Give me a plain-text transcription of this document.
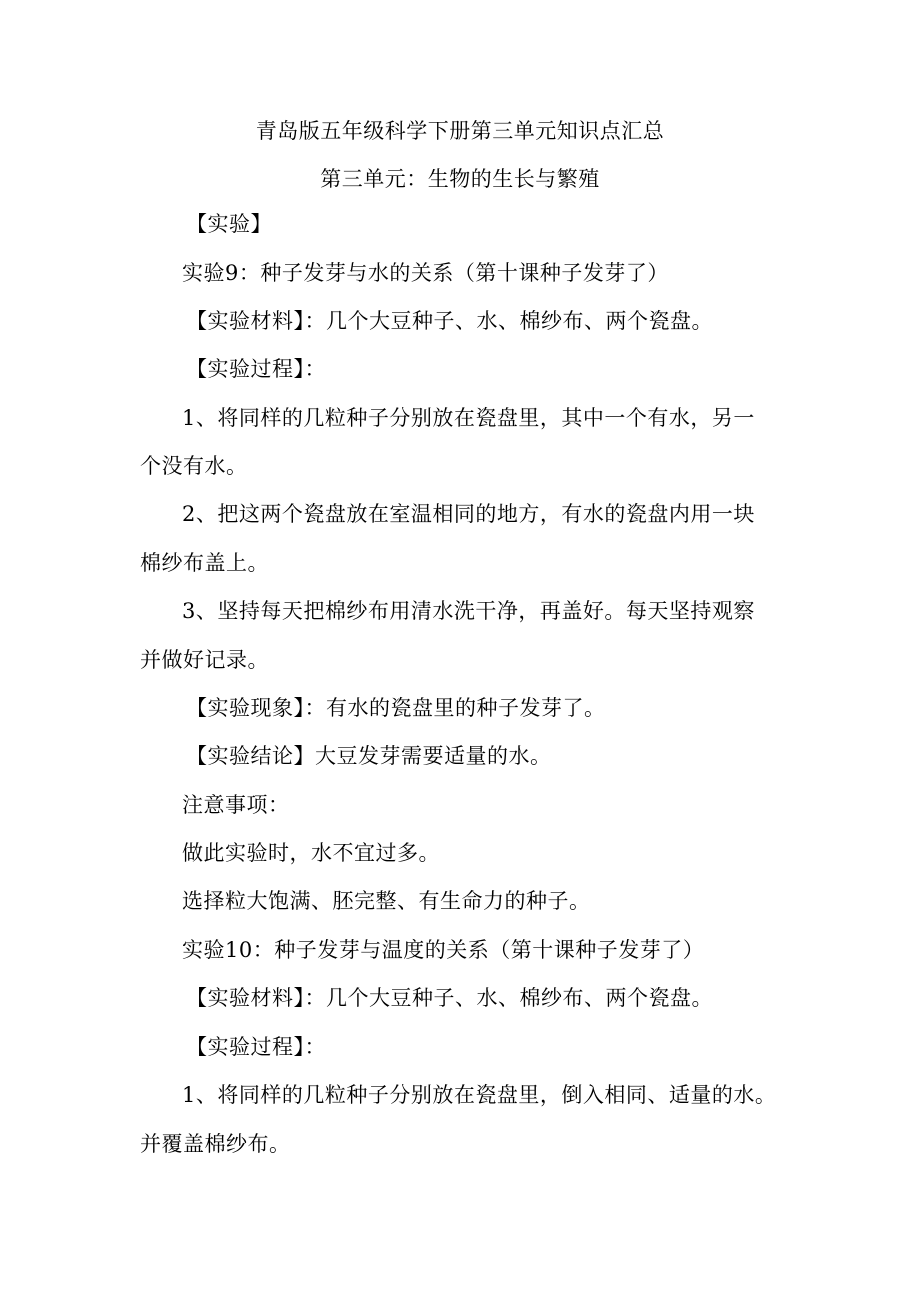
青岛版五年级科学下册第三单元知识点汇总
第三单元：生物的生长与繁殖
【实验】
实验9：种子发芽与水的关系（第十课种子发芽了）
【实验材料】：几个大豆种子、水、棉纱布、两个瓷盘。
【实验过程】：
1、将同样的几粒种子分别放在瓷盘里，其中一个有水，另一
个没有水。
2、把这两个瓷盘放在室温相同的地方，有水的瓷盘内用一块
棉纱布盖上。
3、坚持每天把棉纱布用清水洗干净，再盖好。每天坚持观察
并做好记录。
【实验现象】：有水的瓷盘里的种子发芽了。
【实验结论】大豆发芽需要适量的水。
注意事项：
做此实验时，水不宜过多。
选择粒大饱满、胚完整、有生命力的种子。
实验10：种子发芽与温度的关系（第十课种子发芽了）
【实验材料】：几个大豆种子、水、棉纱布、两个瓷盘。
【实验过程】：
1、将同样的几粒种子分别放在瓷盘里，倒入相同、适量的水。
并覆盖棉纱布。
